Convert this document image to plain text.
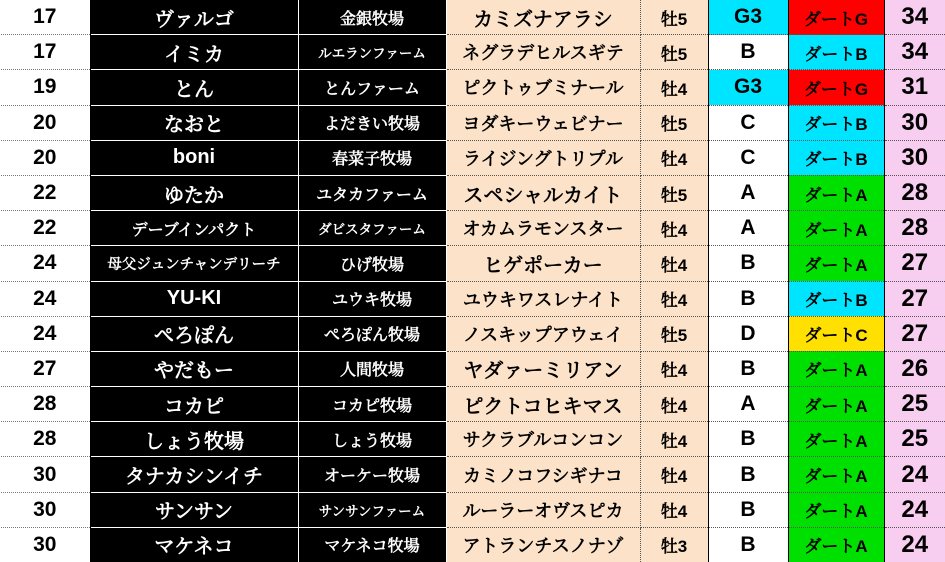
17	ヴァルゴ	金銀牧場	カミズナアラシ	牡5	G3	ダートG	34
17	イミカ	ルエランファーム	ネグラデヒルスギテ	牡5	B	ダートB	34
19	とん	とんファーム	ピクトゥブミナール	牡4	G3	ダートG	31
20	なおと	よだきい牧場	ヨダキーウェビナー	牡5	C	ダートB	30
20	boni	春菜子牧場	ライジングトリプル	牡4	C	ダートB	30
22	ゆたか	ユタカファーム	スペシャルカイト	牡5	A	ダートA	28
22	デーブインパクト	ダビスタファーム	オカムラモンスター	牡4	A	ダートA	28
24	母父ジュンチャンデリーチ	ひげ牧場	ヒゲポーカー	牡4	B	ダートA	27
24	YU-KI	ユウキ牧場	ユウキワスレナイト	牡4	B	ダートB	27
24	ぺろぽん	ぺろぽん牧場	ノスキップアウェイ	牡5	D	ダートC	27
27	やだもー	人間牧場	ヤダァーミリアン	牡4	B	ダートA	26
28	コカピ	コカピ牧場	ピクトコヒキマス	牡4	A	ダートA	25
28	しょう牧場	しょう牧場	サクラブルコンコン	牡4	B	ダートA	25
30	タナカシンイチ	オーケー牧場	カミノコフシギナコ	牡4	B	ダートA	24
30	サンサン	サンサンファーム	ルーラーオヴスピカ	牡4	B	ダートA	24
30	マケネコ	マケネコ牧場	アトランチスノナゾ	牡3	B	ダートA	24
